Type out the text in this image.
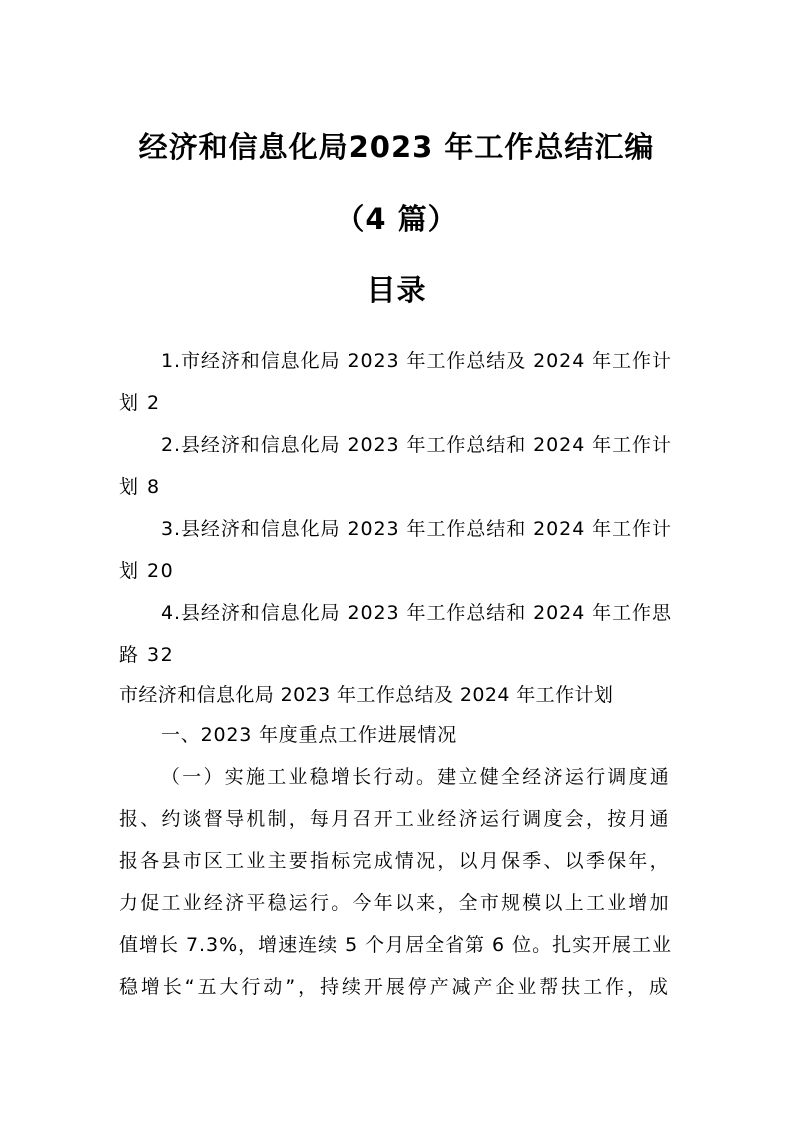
经济和信息化局2023 年工作总结汇编
（4 篇）
目录
1.市经济和信息化局 2023 年工作总结及 2024 年工作计
划 2
2.县经济和信息化局 2023 年工作总结和 2024 年工作计
划 8
3.县经济和信息化局 2023 年工作总结和 2024 年工作计
划 20
4.县经济和信息化局 2023 年工作总结和 2024 年工作思
路 32
市经济和信息化局 2023 年工作总结及 2024 年工作计划
一、2023 年度重点工作进展情况
（一）实施工业稳增长行动。建立健全经济运行调度通
报、约谈督导机制，每月召开工业经济运行调度会，按月通
报各县市区工业主要指标完成情况，以月保季、以季保年，
力促工业经济平稳运行。今年以来，全市规模以上工业增加
值增长 7.3%，增速连续 5 个月居全省第 6 位。扎实开展工业
稳增长“五大行动”，持续开展停产减产企业帮扶工作，成
